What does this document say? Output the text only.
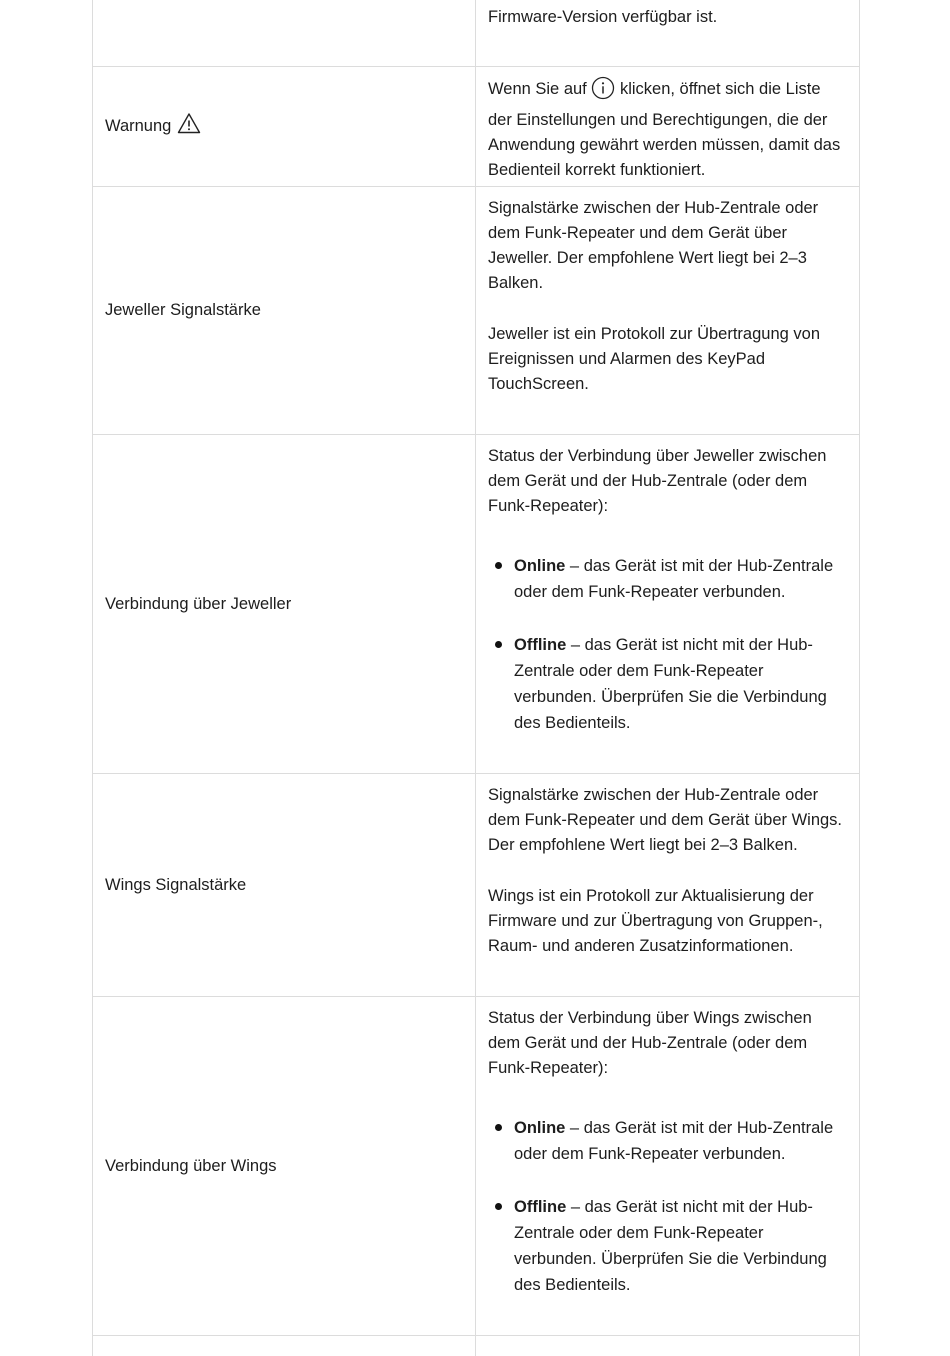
Firmware-Version verfügbar ist.

Warnung

Wenn Sie auf klicken, öffnet sich die Liste der Einstellungen und Berechtigungen, die der Anwendung gewährt werden müssen, damit das Bedienteil korrekt funktioniert.

Jeweller Signalstärke

Signalstärke zwischen der Hub-Zentrale oder dem Funk-Repeater und dem Gerät über Jeweller. Der empfohlene Wert liegt bei 2–3 Balken.

Jeweller ist ein Protokoll zur Übertragung von Ereignissen und Alarmen des KeyPad TouchScreen.

Verbindung über Jeweller

Status der Verbindung über Jeweller zwischen dem Gerät und der Hub-Zentrale (oder dem Funk-Repeater):

Online – das Gerät ist mit der Hub-Zentrale oder dem Funk-Repeater verbunden.
Offline – das Gerät ist nicht mit der Hub-Zentrale oder dem Funk-Repeater verbunden. Überprüfen Sie die Verbindung des Bedienteils.
Wings Signalstärke

Signalstärke zwischen der Hub-Zentrale oder dem Funk-Repeater und dem Gerät über Wings. Der empfohlene Wert liegt bei 2–3 Balken.

Wings ist ein Protokoll zur Aktualisierung der Firmware und zur Übertragung von Gruppen-, Raum- und anderen Zusatzinformationen.

Verbindung über Wings

Status der Verbindung über Wings zwischen dem Gerät und der Hub-Zentrale (oder dem Funk-Repeater):

Online – das Gerät ist mit der Hub-Zentrale oder dem Funk-Repeater verbunden.
Offline – das Gerät ist nicht mit der Hub-Zentrale oder dem Funk-Repeater verbunden. Überprüfen Sie die Verbindung des Bedienteils.
